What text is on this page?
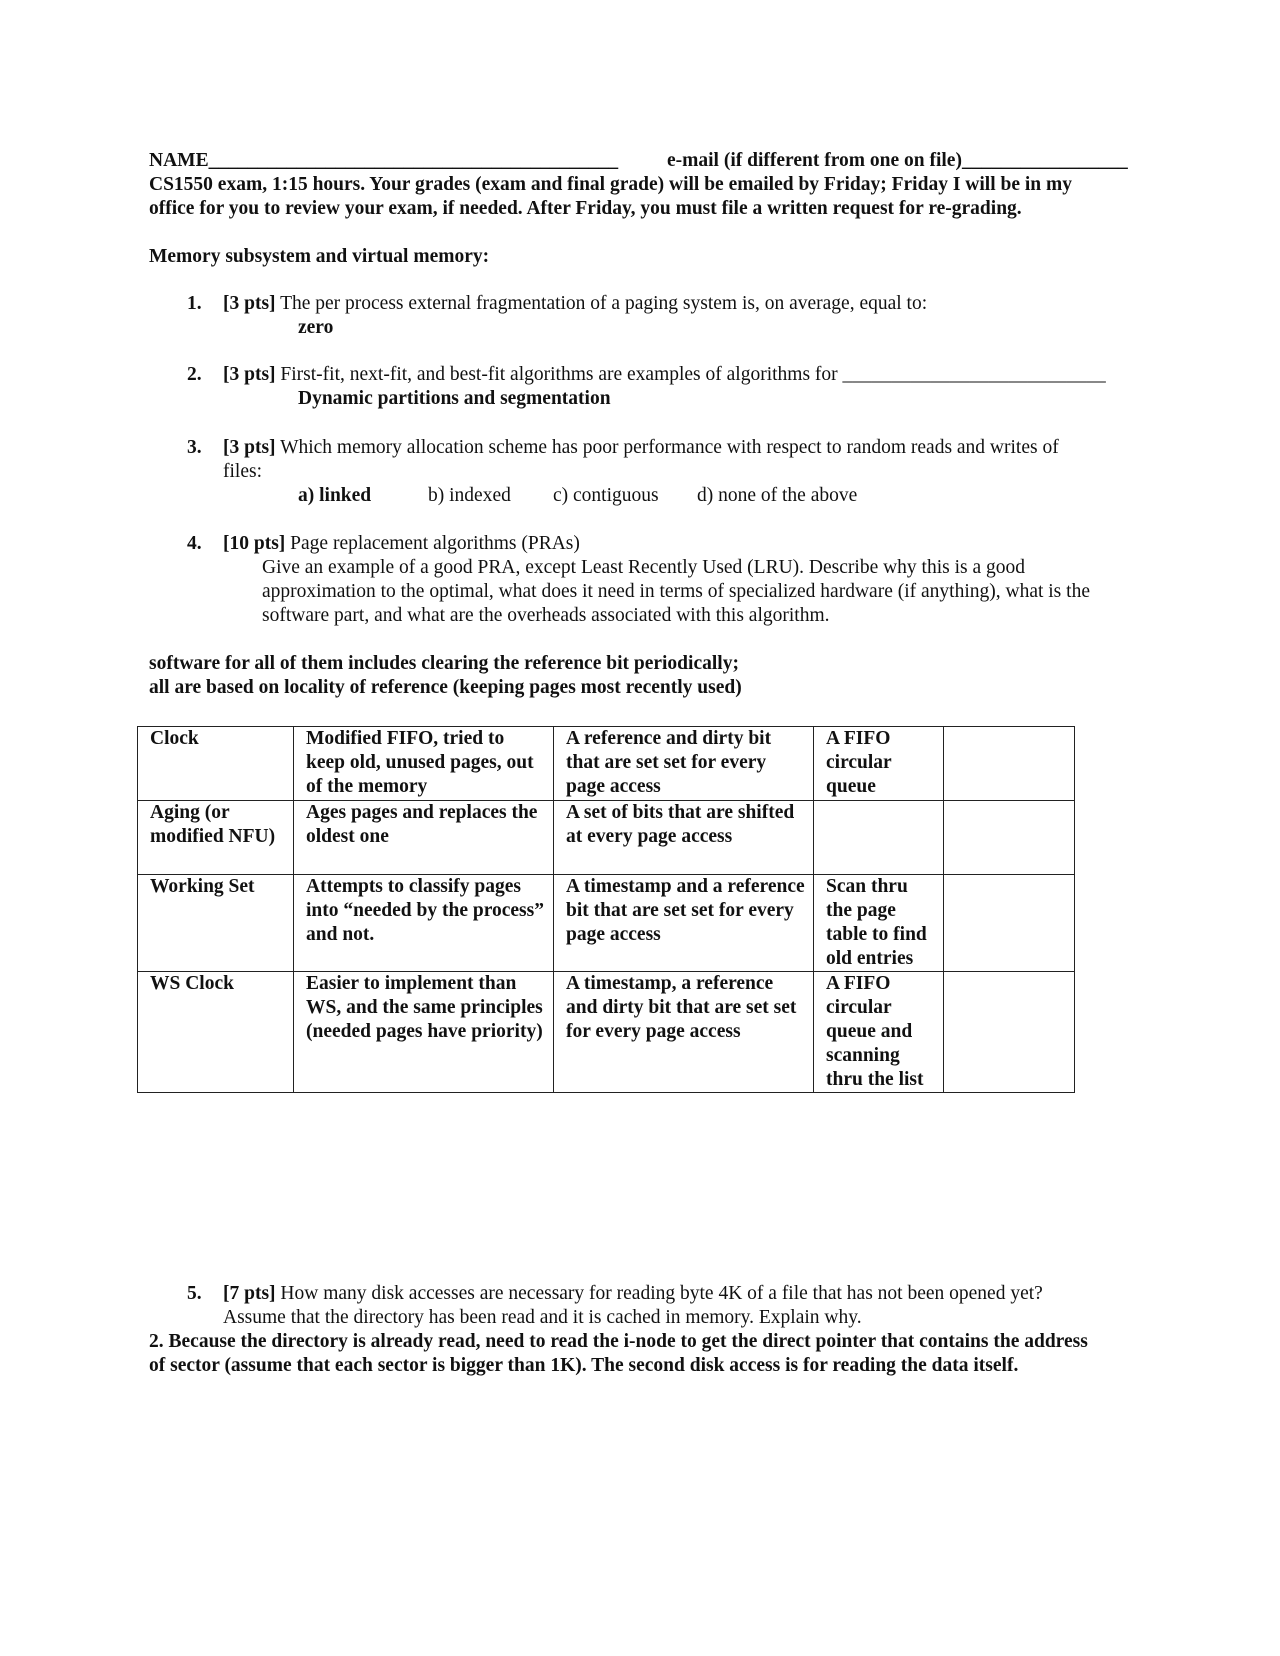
NAME__________________________________________	e-mail (if different from one on file)_________________
CS1550 exam, 1:15 hours. Your grades (exam and final grade) will be emailed by Friday; Friday I will be in my
office for you to review your exam, if needed. After Friday, you must file a written request for re-grading.
Memory subsystem and virtual memory:
1. [3 pts] The per process external fragmentation of a paging system is, on average, equal to:
zero
2. [3 pts] First-fit, next-fit, and best-fit algorithms are examples of algorithms for ___________________________
Dynamic partitions and segmentation
3. [3 pts] Which memory allocation scheme has poor performance with respect to random reads and writes of
files:
a) linked	b) indexed c) contiguous d) none of the above
4. [10 pts] Page replacement algorithms (PRAs)
Give an example of a good PRA, except Least Recently Used (LRU). Describe why this is a good
approximation to the optimal, what does it need in terms of specialized hardware (if anything), what is the
software part, and what are the overheads associated with this algorithm.
software for all of them includes clearing the reference bit periodically;
all are based on locality of reference (keeping pages most recently used)
Clock	Modified FIFO, tried to keep old, unused pages, out of the memory	A reference and dirty bit that are set set for every page access	A FIFO circular queue	
Aging (or modified NFU)	Ages pages and replaces the oldest one	A set of bits that are shifted at every page access		
Working Set	Attempts to classify pages into “needed by the process” and not.	A timestamp and a reference bit that are set set for every page access	Scan thru the page table to find old entries	
WS Clock	Easier to implement than WS, and the same principles (needed pages have priority)	A timestamp, a reference and dirty bit that are set set for every page access	A FIFO circular queue and scanning thru the list	
5. [7 pts] How many disk accesses are necessary for reading byte 4K of a file that has not been opened yet?
Assume that the directory has been read and it is cached in memory. Explain why.
2. Because the directory is already read, need to read the i-node to get the direct pointer that contains the address
of sector (assume that each sector is bigger than 1K). The second disk access is for reading the data itself.
